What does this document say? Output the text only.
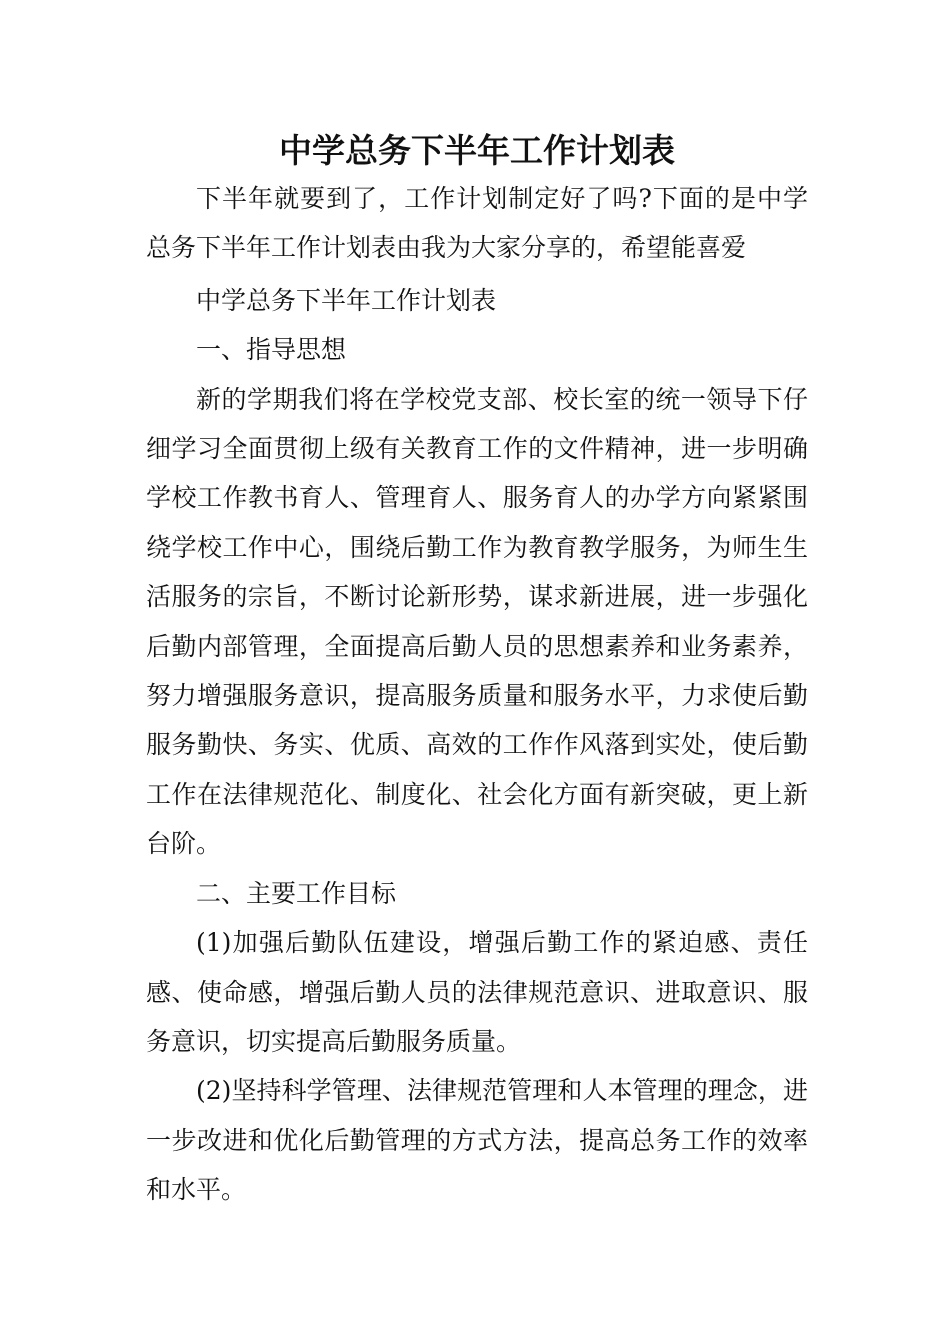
中学总务下半年工作计划表

下半年就要到了，工作计划制定好了吗?下面的是中学总务下半年工作计划表由我为大家分享的，希望能喜爱

中学总务下半年工作计划表

一、指导思想

新的学期我们将在学校党支部、校长室的统一领导下仔细学习全面贯彻上级有关教育工作的文件精神，进一步明确学校工作教书育人、管理育人、服务育人的办学方向紧紧围绕学校工作中心，围绕后勤工作为教育教学服务，为师生生活服务的宗旨，不断讨论新形势，谋求新进展，进一步强化后勤内部管理，全面提高后勤人员的思想素养和业务素养，努力增强服务意识，提高服务质量和服务水平，力求使后勤服务勤快、务实、优质、高效的工作作风落到实处，使后勤工作在法律规范化、制度化、社会化方面有新突破，更上新台阶。

二、主要工作目标

(1)加强后勤队伍建设，增强后勤工作的紧迫感、责任感、使命感，增强后勤人员的法律规范意识、进取意识、服务意识，切实提高后勤服务质量。

(2)坚持科学管理、法律规范管理和人本管理的理念，进一步改进和优化后勤管理的方式方法，提高总务工作的效率和水平。
